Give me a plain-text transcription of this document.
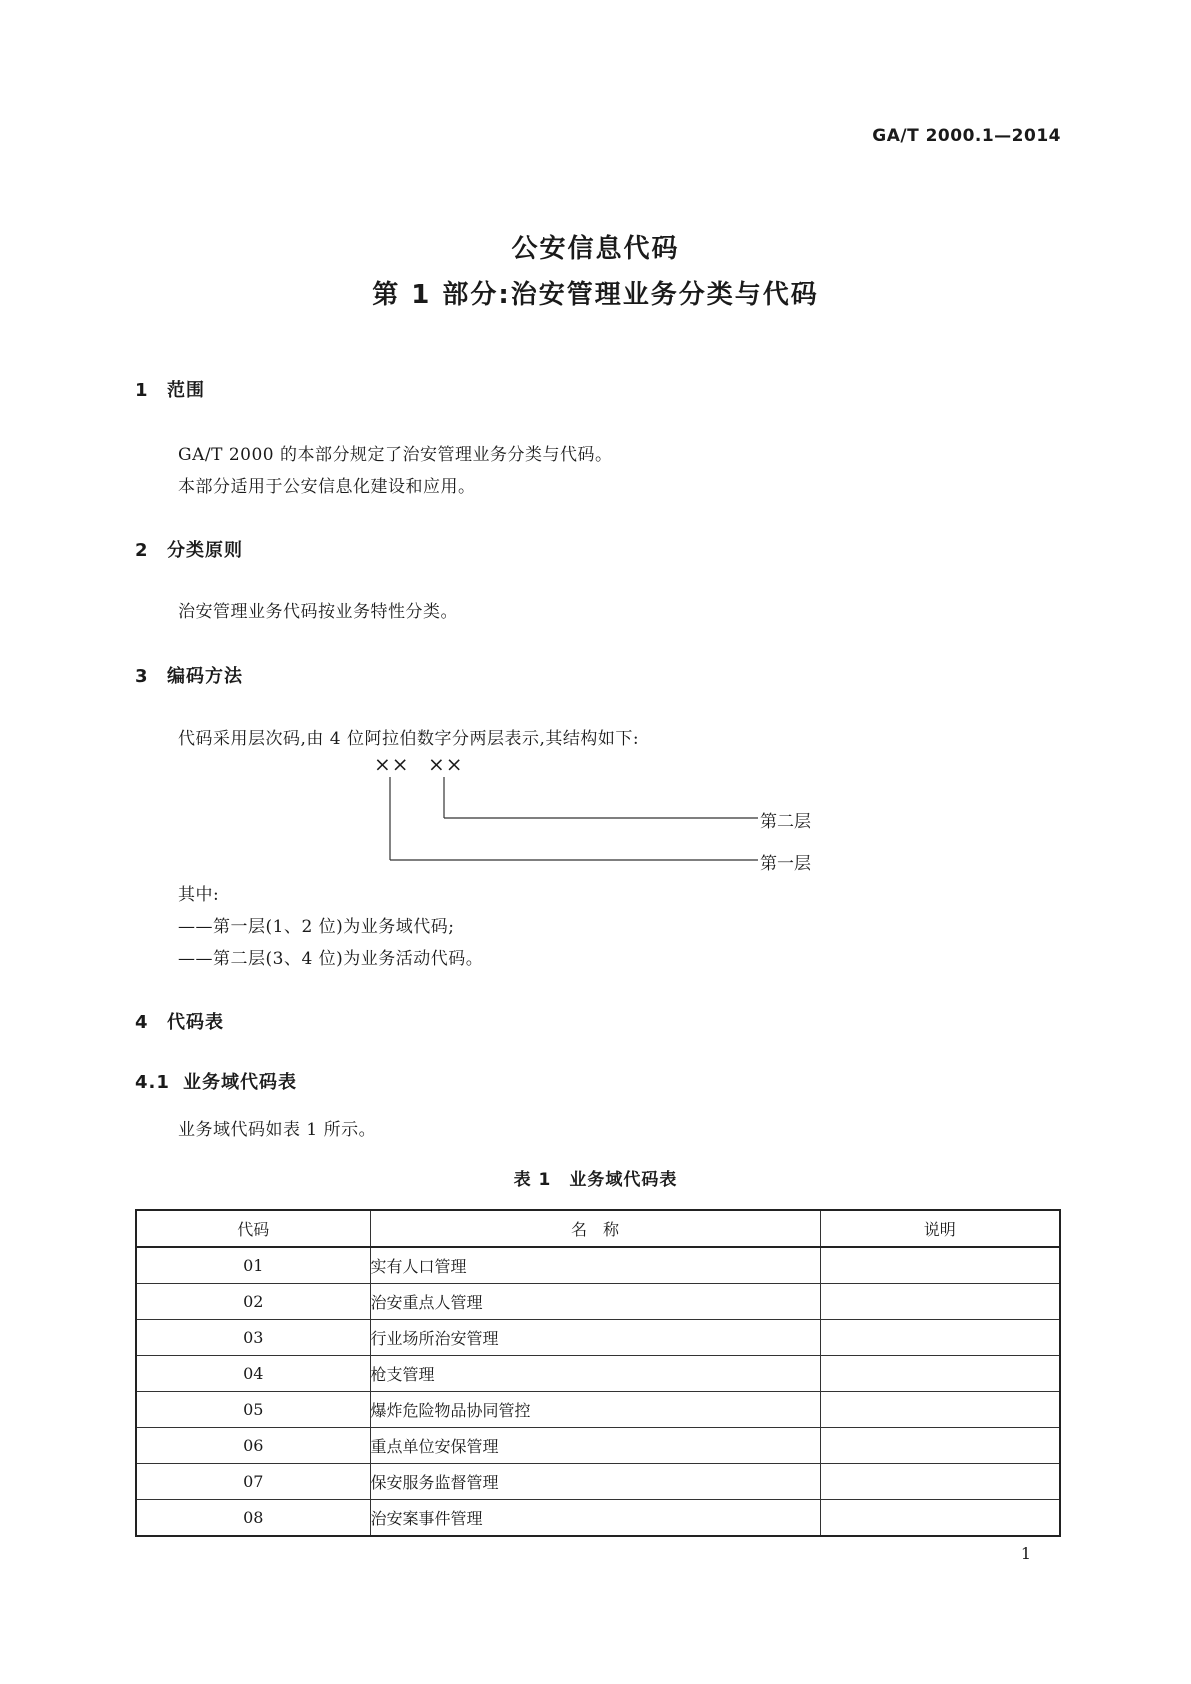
GA/T 2000.1—2014
公安信息代码
第 1 部分:治安管理业务分类与代码
1 范围
GA/T 2000 的本部分规定了治安管理业务分类与代码。
本部分适用于公安信息化建设和应用。
2 分类原则
治安管理业务代码按业务特性分类。
3 编码方法
代码采用层次码,由 4 位阿拉伯数字分两层表示,其结构如下:
×× ××
第二层
第一层
其中:
——第一层(1、2 位)为业务域代码;
——第二层(3、4 位)为业务活动代码。
4 代码表
4.1 业务域代码表
业务域代码如表 1 所示。
表 1　业务域代码表
代码	名　称	说明
01	实有人口管理	
02	治安重点人管理	
03	行业场所治安管理	
04	枪支管理	
05	爆炸危险物品协同管控	
06	重点单位安保管理	
07	保安服务监督管理	
08	治安案事件管理	
1
